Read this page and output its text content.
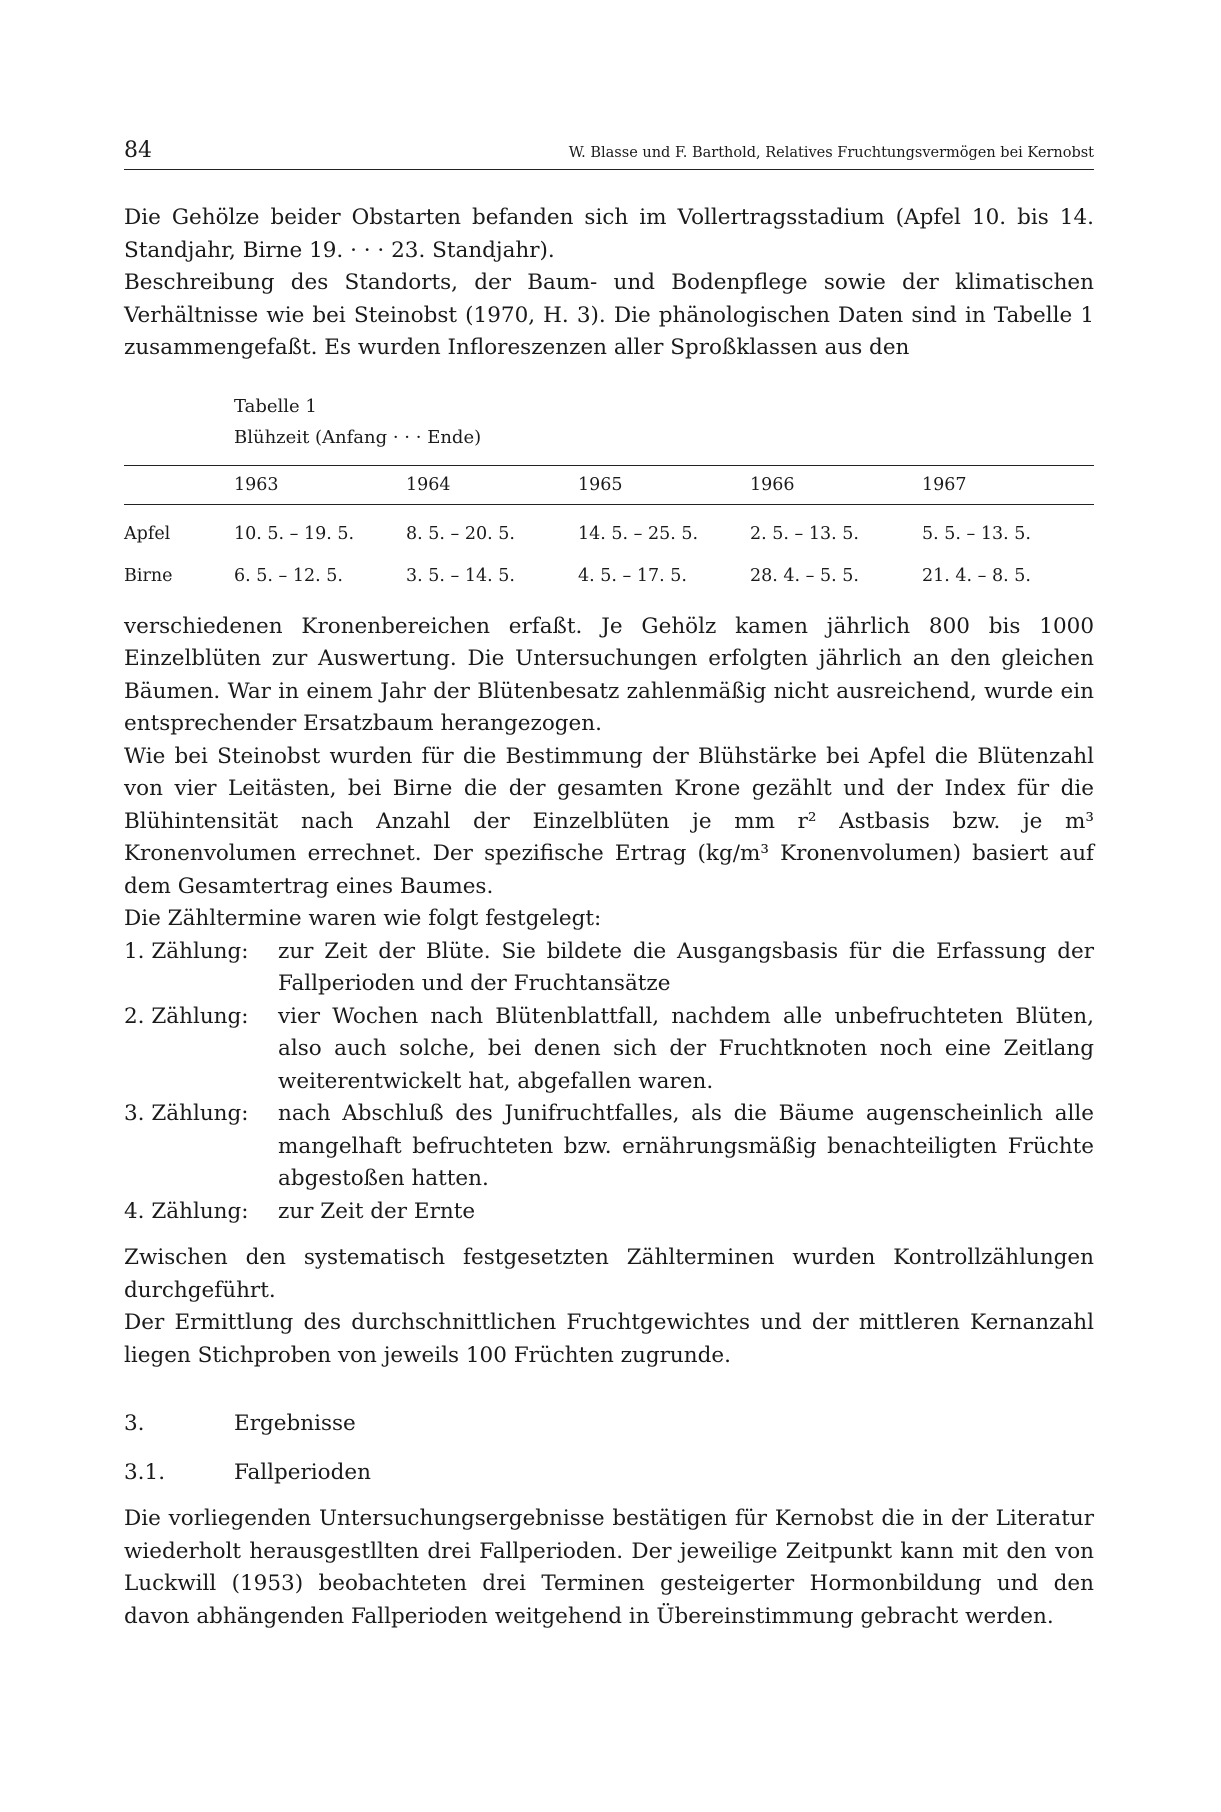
84	W. Blasse und F. Barthold, Relatives Fruchtungsvermögen bei Kernobst

Die Gehölze beider Obstarten befanden sich im Vollertragsstadium (Apfel 10. bis 14. Standjahr, Birne 19. · · · 23. Standjahr).

Beschreibung des Standorts, der Baum- und Bodenpflege sowie der klimatischen Verhältnisse wie bei Steinobst (1970, H. 3). Die phänologischen Daten sind in Tabelle 1 zusammengefaßt. Es wurden Infloreszenzen aller Sproßklassen aus den

Tabelle 1
Blühzeit (Anfang · · · Ende)
	1963	1964	1965	1966	1967
Apfel	10. 5. – 19. 5.	8. 5. – 20. 5.	14. 5. – 25. 5.	2. 5. – 13. 5.	5. 5. – 13. 5.
Birne	6. 5. – 12. 5.	3. 5. – 14. 5.	4. 5. – 17. 5.	28. 4. – 5. 5.	21. 4. – 8. 5.

verschiedenen Kronenbereichen erfaßt. Je Gehölz kamen jährlich 800 bis 1000 Einzelblüten zur Auswertung. Die Untersuchungen erfolgten jährlich an den gleichen Bäumen. War in einem Jahr der Blütenbesatz zahlenmäßig nicht ausreichend, wurde ein entsprechender Ersatzbaum herangezogen.

Wie bei Steinobst wurden für die Bestimmung der Blühstärke bei Apfel die Blütenzahl von vier Leitästen, bei Birne die der gesamten Krone gezählt und der Index für die Blühintensität nach Anzahl der Einzelblüten je mm r² Astbasis bzw. je m³ Kronenvolumen errechnet. Der spezifische Ertrag (kg/m³ Kronenvolumen) basiert auf dem Gesamtertrag eines Baumes.

Die Zähltermine waren wie folgt festgelegt:

1. Zählung:	zur Zeit der Blüte. Sie bildete die Ausgangsbasis für die Erfassung der Fallperioden und der Fruchtansätze
2. Zählung:	vier Wochen nach Blütenblattfall, nachdem alle unbefruchteten Blüten, also auch solche, bei denen sich der Fruchtknoten noch eine Zeitlang weiterentwickelt hat, abgefallen waren.
3. Zählung:	nach Abschluß des Junifruchtfalles, als die Bäume augenscheinlich alle mangelhaft befruchteten bzw. ernährungsmäßig benachteiligten Früchte abgestoßen hatten.
4. Zählung:	zur Zeit der Ernte

Zwischen den systematisch festgesetzten Zählterminen wurden Kontrollzählungen durchgeführt.

Der Ermittlung des durchschnittlichen Fruchtgewichtes und der mittleren Kernanzahl liegen Stichproben von jeweils 100 Früchten zugrunde.

3.	Ergebnisse
3.1.	Fallperioden

Die vorliegenden Untersuchungsergebnisse bestätigen für Kernobst die in der Literatur wiederholt herausgestllten drei Fallperioden. Der jeweilige Zeitpunkt kann mit den von Luckwill (1953) beobachteten drei Terminen gesteigerter Hormonbildung und den davon abhängenden Fallperioden weitgehend in Übereinstimmung gebracht werden.
